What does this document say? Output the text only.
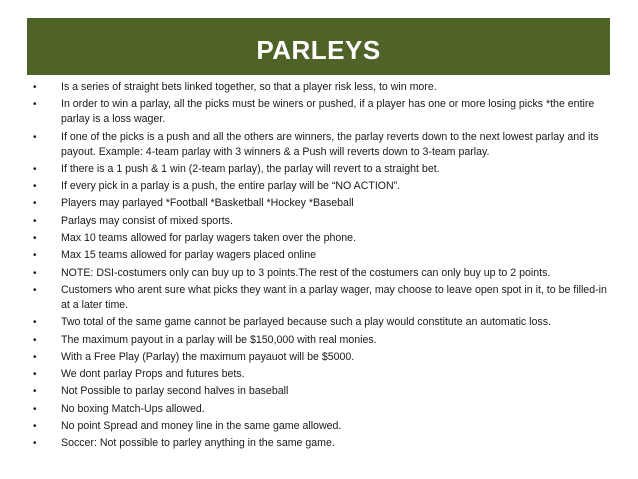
PARLEYS
•	Is a series of straight bets linked together, so that a player risk less, to win more.
•	In order to win a parlay, all the picks must be winers or pushed, if a player has one or more losing picks *the entire parlay is a loss wager.
•	If one of the picks is a push and all the others are winners, the parlay reverts down to the next lowest parlay and its payout. Example: 4-team parlay with 3 winners & a Push will reverts down to 3-team parlay.
•	If there is a 1 push & 1 win (2-team parlay), the parlay will revert to a straight bet.
•	If every pick in a parlay is a push, the entire parlay will be “NO ACTION”.
•	Players may parlayed *Football *Basketball *Hockey *Baseball
•	Parlays may consist of mixed sports.
•	Max 10 teams allowed for parlay wagers taken over the phone.
•	Max 15 teams allowed for parlay wagers placed online
•	NOTE: DSI-costumers only can buy up to 3 points.The rest of the costumers can only buy up to 2 points.
•	Customers who arent sure what picks they want in a parlay wager, may choose to leave open spot in it, to be filled-in at a later time.
•	Two total of the same game cannot be parlayed because such a play would constitute an automatic loss.
•	The maximum payout in a parlay will be $150,000 with real monies.
•	With a Free Play (Parlay) the maximum payauot will be $5000.
•	We dont parlay Props and futures bets.
•	Not Possible to parlay second halves in baseball
•	No boxing Match-Ups allowed.
•	No point Spread and money line in the same game allowed.
•	Soccer: Not possible to parley anything in the same game.
